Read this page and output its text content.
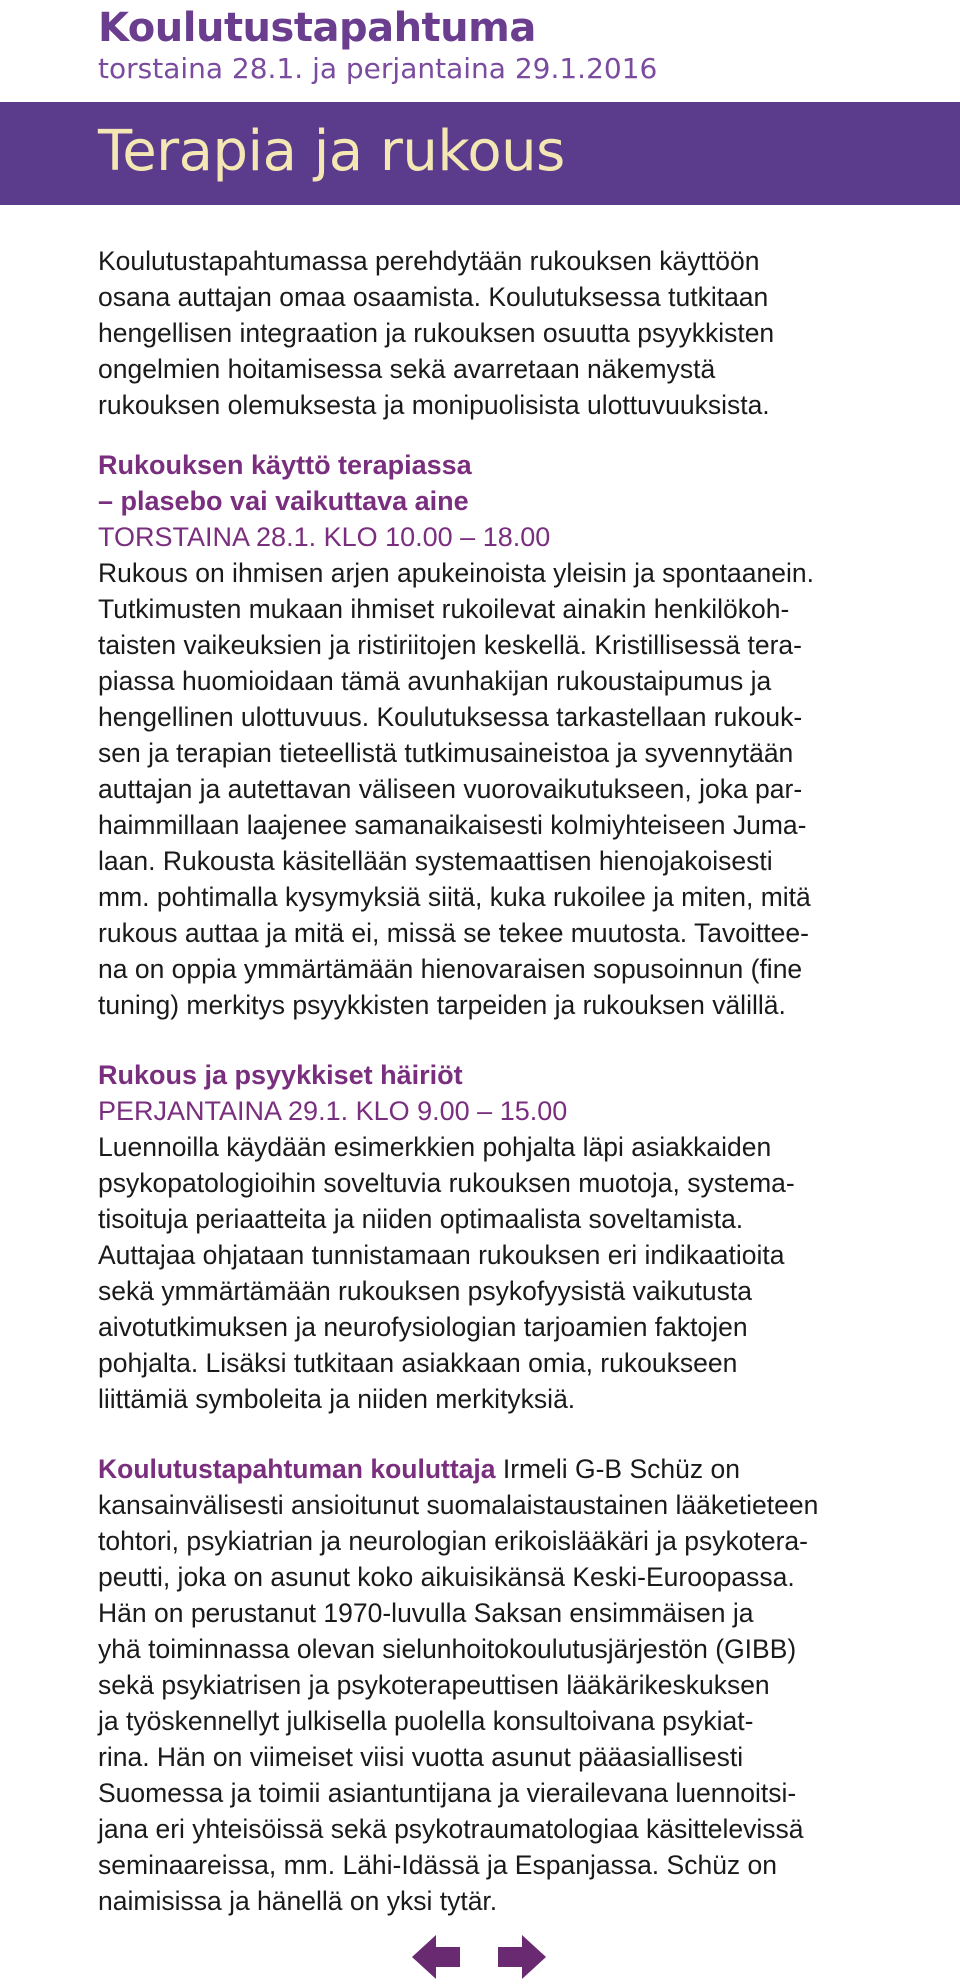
Koulutustapahtuma
torstaina 28.1. ja perjantaina 29.1.2016
Terapia ja rukous

Koulutustapahtumassa perehdytään rukouksen käyttöön
osana auttajan omaa osaamista. Koulutuksessa tutkitaan
hengellisen integraation ja rukouksen osuutta psyykkisten
ongelmien hoitamisessa sekä avarretaan näkemystä
rukouksen olemuksesta ja monipuolisista ulottuvuuksista.

Rukouksen käyttö terapiassa
– plasebo vai vaikuttava aine
TORSTAINA 28.1. KLO 10.00 – 18.00

Rukous on ihmisen arjen apukeinoista yleisin ja spontaanein.
Tutkimusten mukaan ihmiset rukoilevat ainakin henkilökoh-
taisten vaikeuksien ja ristiriitojen keskellä. Kristillisessä tera-
piassa huomioidaan tämä avunhakijan rukoustaipumus ja
hengellinen ulottuvuus. Koulutuksessa tarkastellaan rukouk-
sen ja terapian tieteellistä tutkimusaineistoa ja syvennytään
auttajan ja autettavan väliseen vuorovaikutukseen, joka par-
haimmillaan laajenee samanaikaisesti kolmiyhteiseen Juma-
laan. Rukousta käsitellään systemaattisen hienojakoisesti
mm. pohtimalla kysymyksiä siitä, kuka rukoilee ja miten, mitä
rukous auttaa ja mitä ei, missä se tekee muutosta. Tavoittee-
na on oppia ymmärtämään hienovaraisen sopusoinnun (fine
tuning) merkitys psyykkisten tarpeiden ja rukouksen välillä.

Rukous ja psyykkiset häiriöt
PERJANTAINA 29.1. KLO 9.00 – 15.00

Luennoilla käydään esimerkkien pohjalta läpi asiakkaiden
psykopatologioihin soveltuvia rukouksen muotoja, systema-
tisoituja periaatteita ja niiden optimaalista soveltamista.
Auttajaa ohjataan tunnistamaan rukouksen eri indikaatioita
sekä ymmärtämään rukouksen psykofyysistä vaikutusta
aivotutkimuksen ja neurofysiologian tarjoamien faktojen
pohjalta. Lisäksi tutkitaan asiakkaan omia, rukoukseen
liittämiä symboleita ja niiden merkityksiä.

Koulutustapahtuman kouluttaja Irmeli G-B Schüz on
kansainvälisesti ansioitunut suomalaistaustainen lääketieteen
tohtori, psykiatrian ja neurologian erikoislääkäri ja psykotera-
peutti, joka on asunut koko aikuisikänsä Keski-Euroopassa.
Hän on perustanut 1970-luvulla Saksan ensimmäisen ja
yhä toiminnassa olevan sielunhoitokoulutusjärjestön (GIBB)
sekä psykiatrisen ja psykoterapeuttisen lääkärikeskuksen
ja työskennellyt julkisella puolella konsultoivana psykiat-
rina. Hän on viimeiset viisi vuotta asunut pääasiallisesti
Suomessa ja toimii asiantuntijana ja vierailevana luennoitsi-
jana eri yhteisöissä sekä psykotraumatologiaa käsittelevissä
seminaareissa, mm. Lähi-Idässä ja Espanjassa. Schüz on
naimisissa ja hänellä on yksi tytär.
